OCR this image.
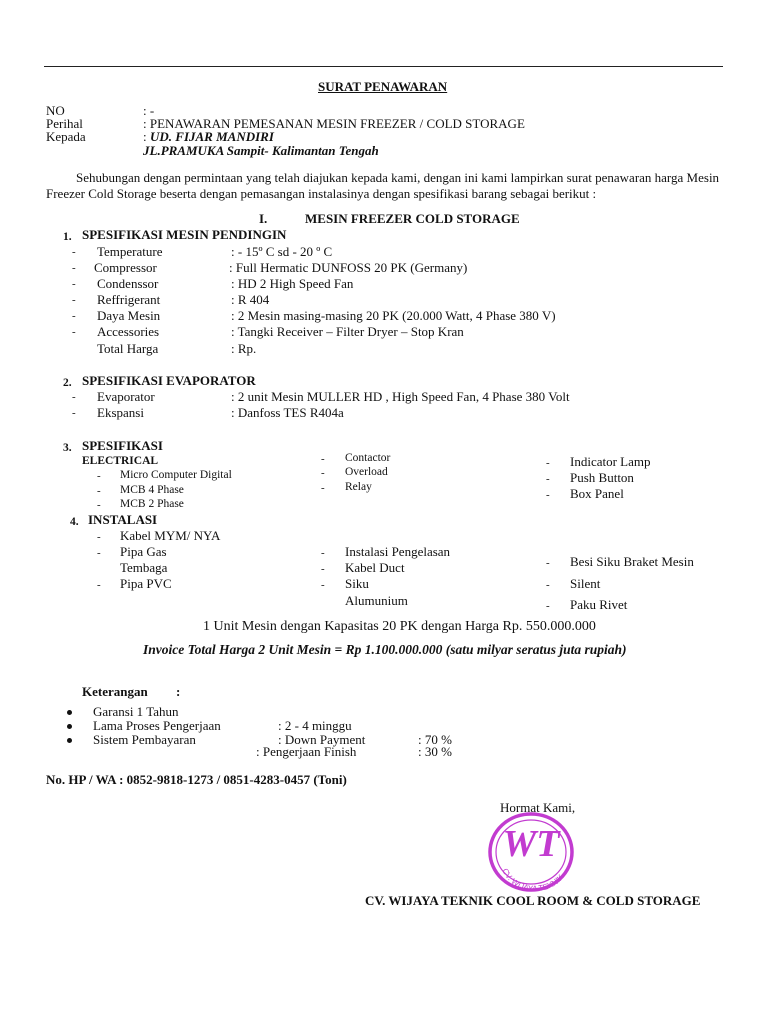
SURAT PENAWARAN
NO	: -
Perihal	: PENAWARAN PEMESANAN MESIN FREEZER / COLD STORAGE
Kepada	: UD. FIJAR MANDIRI
JL.PRAMUKA Sampit- Kalimantan Tengah
Sehubungan dengan permintaan yang telah diajukan kepada kami, dengan ini kami lampirkan surat penawaran harga Mesin Freezer Cold Storage beserta dengan pemasangan instalasinya dengan spesifikasi barang sebagai berikut :
I.	MESIN FREEZER COLD STORAGE
1. SPESIFIKASI MESIN PENDINGIN
- Temperature	: - 15º C sd - 20 º C
- Compressor	: Full Hermatic DUNFOSS 20 PK (Germany)
- Condenssor	: HD 2 High Speed Fan
- Reffrigerant	: R 404
- Daya Mesin	: 2 Mesin masing-masing 20 PK (20.000 Watt, 4 Phase 380 V)
- Accessories	: Tangki Receiver – Filter Dryer – Stop Kran
Total Harga	: Rp.
2. SPESIFIKASI EVAPORATOR
- Evaporator	: 2 unit Mesin MULLER HD , High Speed Fan, 4 Phase 380 Volt
- Ekspansi	: Danfoss TES R404a
3. SPESIFIKASI
ELECTRICAL
- Micro Computer Digital
- MCB 4 Phase
- MCB 2 Phase
- Contactor
- Overload
- Relay
- Indicator Lamp
- Push Button
- Box Panel
4. INSTALASI
- Kabel MYM/ NYA
- Pipa Gas
Tembaga
- Pipa PVC
- Instalasi Pengelasan
- Kabel Duct
- Siku
Alumunium
- Besi Siku Braket Mesin
- Silent
- Paku Rivet
1 Unit Mesin dengan Kapasitas 20 PK dengan Harga Rp. 550.000.000
Invoice Total Harga 2 Unit Mesin = Rp 1.100.000.000 (satu milyar seratus juta rupiah)
Keterangan :
Garansi 1 Tahun
Lama Proses Pengerjaan	: 2 - 4 minggu
Sistem Pembayaran	: Down Payment	: 70 %
: Pengerjaan Finish	: 30 %
No. HP / WA : 0852-9818-1273 / 0851-4283-0457 (Toni)
Hormat Kami,
WT
CV. WIJAYA TEKNIK
CV. WIJAYA TEKNIK COOL ROOM & COLD STORAGE
